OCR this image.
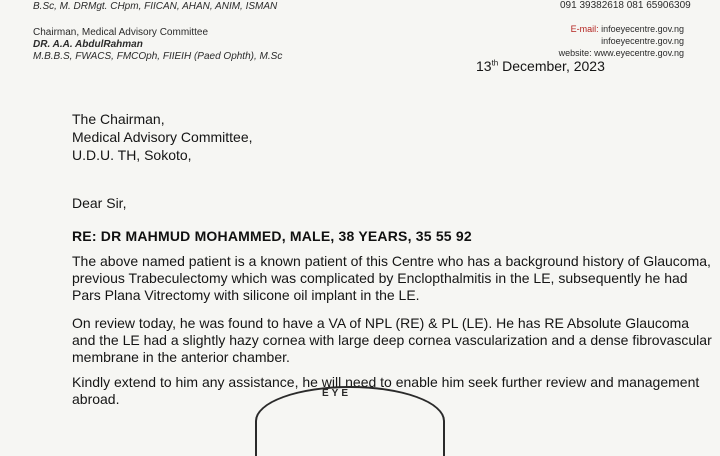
B.Sc, M. DRMgt. CHpm, FIICAN, AHAN, ANIM, ISMAN
Chairman, Medical Advisory Committee
DR. A.A. AbdulRahman
M.B.B.S, FWACS, FMCOph, FIIEIH (Paed Ophth), M.Sc
091 39382618 081 65906309
E-mail: infoeyecentre.gov.ng
infoeyecentre.gov.ng
website: www.eyecentre.gov.ng
13th December, 2023
The Chairman,
Medical Advisory Committee,
U.D.U. TH, Sokoto,
Dear Sir,
RE: DR MAHMUD MOHAMMED, MALE, 38 YEARS, 35 55 92
The above named patient is a known patient of this Centre who has a background history of Glaucoma, previous Trabeculectomy which was complicated by Enclopthalmitis in the LE, subsequently he had Pars Plana Vitrectomy with silicone oil implant in the LE.
On review today, he was found to have a VA of NPL (RE) & PL (LE). He has RE Absolute Glaucoma and the LE had a slightly hazy cornea with large deep cornea vascularization and a dense fibrovascular membrane in the anterior chamber.
Kindly extend to him any assistance, he will need to enable him seek further review and management abroad.	EYE
